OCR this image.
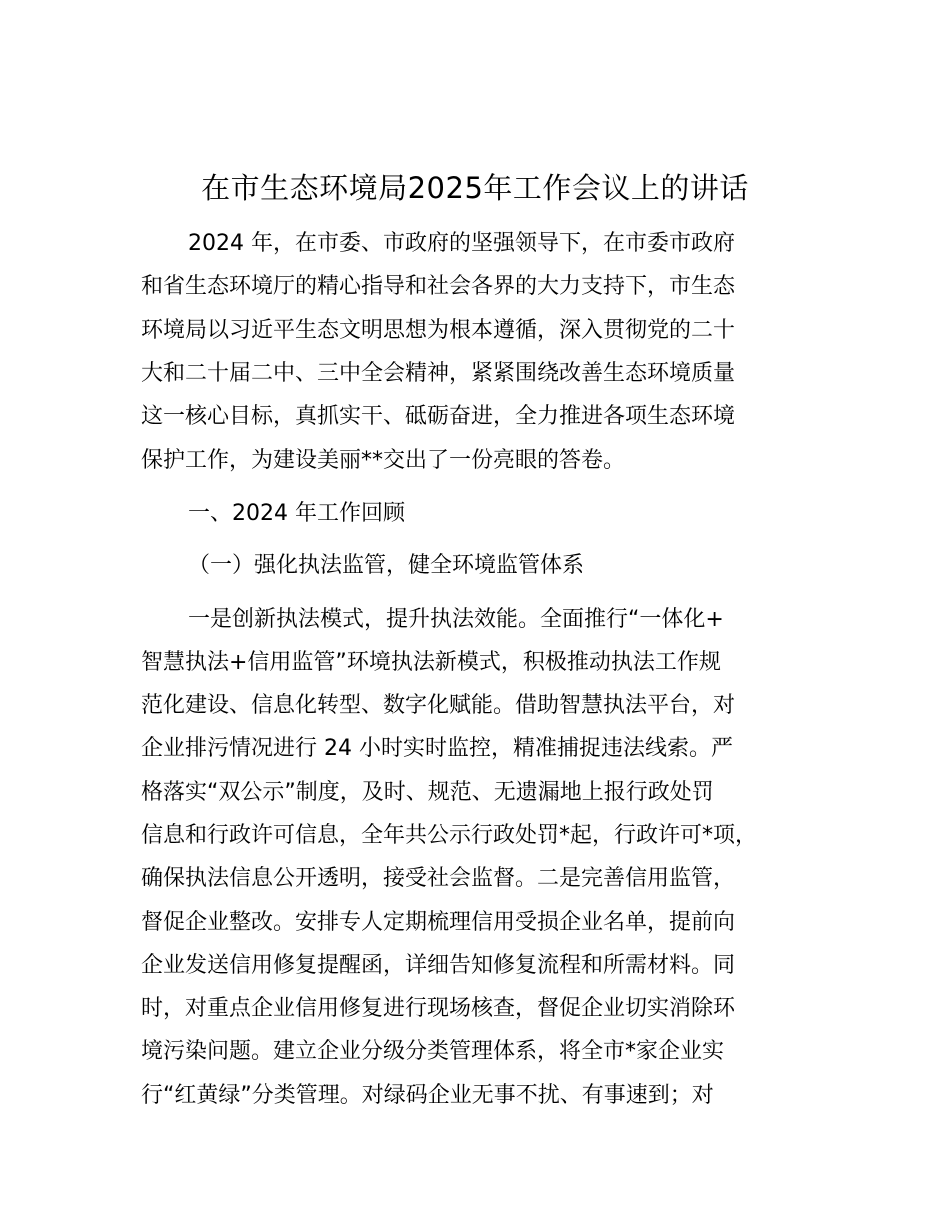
在市生态环境局2025年工作会议上的讲话
2024 年，在市委、市政府的坚强领导下，在市委市政府
和省生态环境厅的精心指导和社会各界的大力支持下，市生态
环境局以习近平生态文明思想为根本遵循，深入贯彻党的二十
大和二十届二中、三中全会精神，紧紧围绕改善生态环境质量
这一核心目标，真抓实干、砥砺奋进，全力推进各项生态环境
保护工作，为建设美丽**交出了一份亮眼的答卷。
一、2024 年工作回顾
（一）强化执法监管，健全环境监管体系
一是创新执法模式，提升执法效能。全面推行“一体化+
智慧执法+信用监管”环境执法新模式，积极推动执法工作规
范化建设、信息化转型、数字化赋能。借助智慧执法平台，对
企业排污情况进行 24 小时实时监控，精准捕捉违法线索。严
格落实“双公示”制度，及时、规范、无遗漏地上报行政处罚
信息和行政许可信息，全年共公示行政处罚*起，行政许可*项，
确保执法信息公开透明，接受社会监督。二是完善信用监管，
督促企业整改。安排专人定期梳理信用受损企业名单，提前向
企业发送信用修复提醒函，详细告知修复流程和所需材料。同
时，对重点企业信用修复进行现场核查，督促企业切实消除环
境污染问题。建立企业分级分类管理体系，将全市*家企业实
行“红黄绿”分类管理。对绿码企业无事不扰、有事速到；对
